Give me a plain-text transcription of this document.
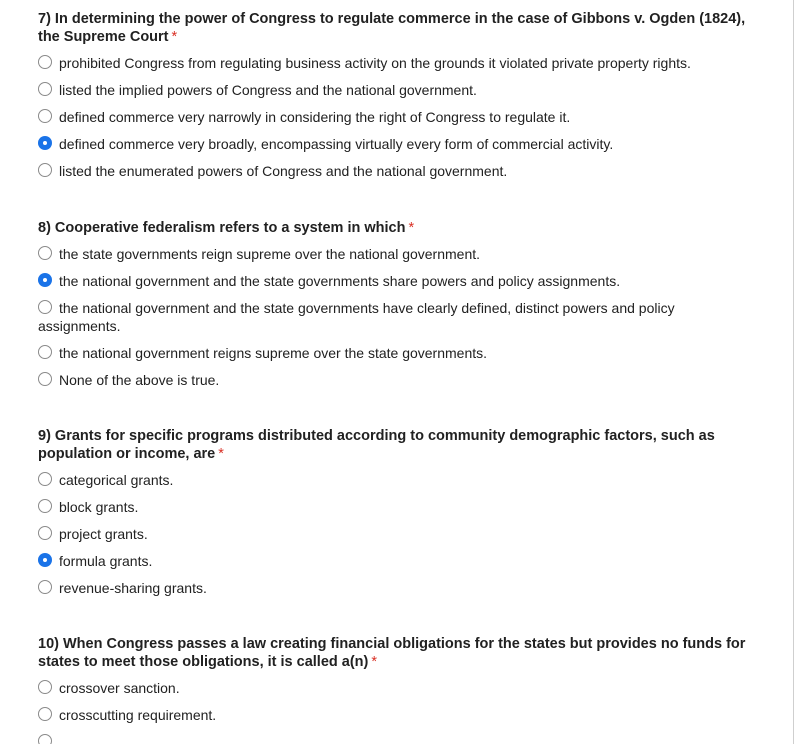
7) In determining the power of Congress to regulate commerce in the case of Gibbons v. Ogden (1824), the Supreme Court *
prohibited Congress from regulating business activity on the grounds it violated private property rights.
listed the implied powers of Congress and the national government.
defined commerce very narrowly in considering the right of Congress to regulate it.
defined commerce very broadly, encompassing virtually every form of commercial activity.
listed the enumerated powers of Congress and the national government.
8) Cooperative federalism refers to a system in which *
the state governments reign supreme over the national government.
the national government and the state governments share powers and policy assignments.
the national government and the state governments have clearly defined, distinct powers and policy assignments.
the national government reigns supreme over the state governments.
None of the above is true.
9) Grants for specific programs distributed according to community demographic factors, such as population or income, are *
categorical grants.
block grants.
project grants.
formula grants.
revenue-sharing grants.
10) When Congress passes a law creating financial obligations for the states but provides no funds for states to meet those obligations, it is called a(n) *
crossover sanction.
crosscutting requirement.
